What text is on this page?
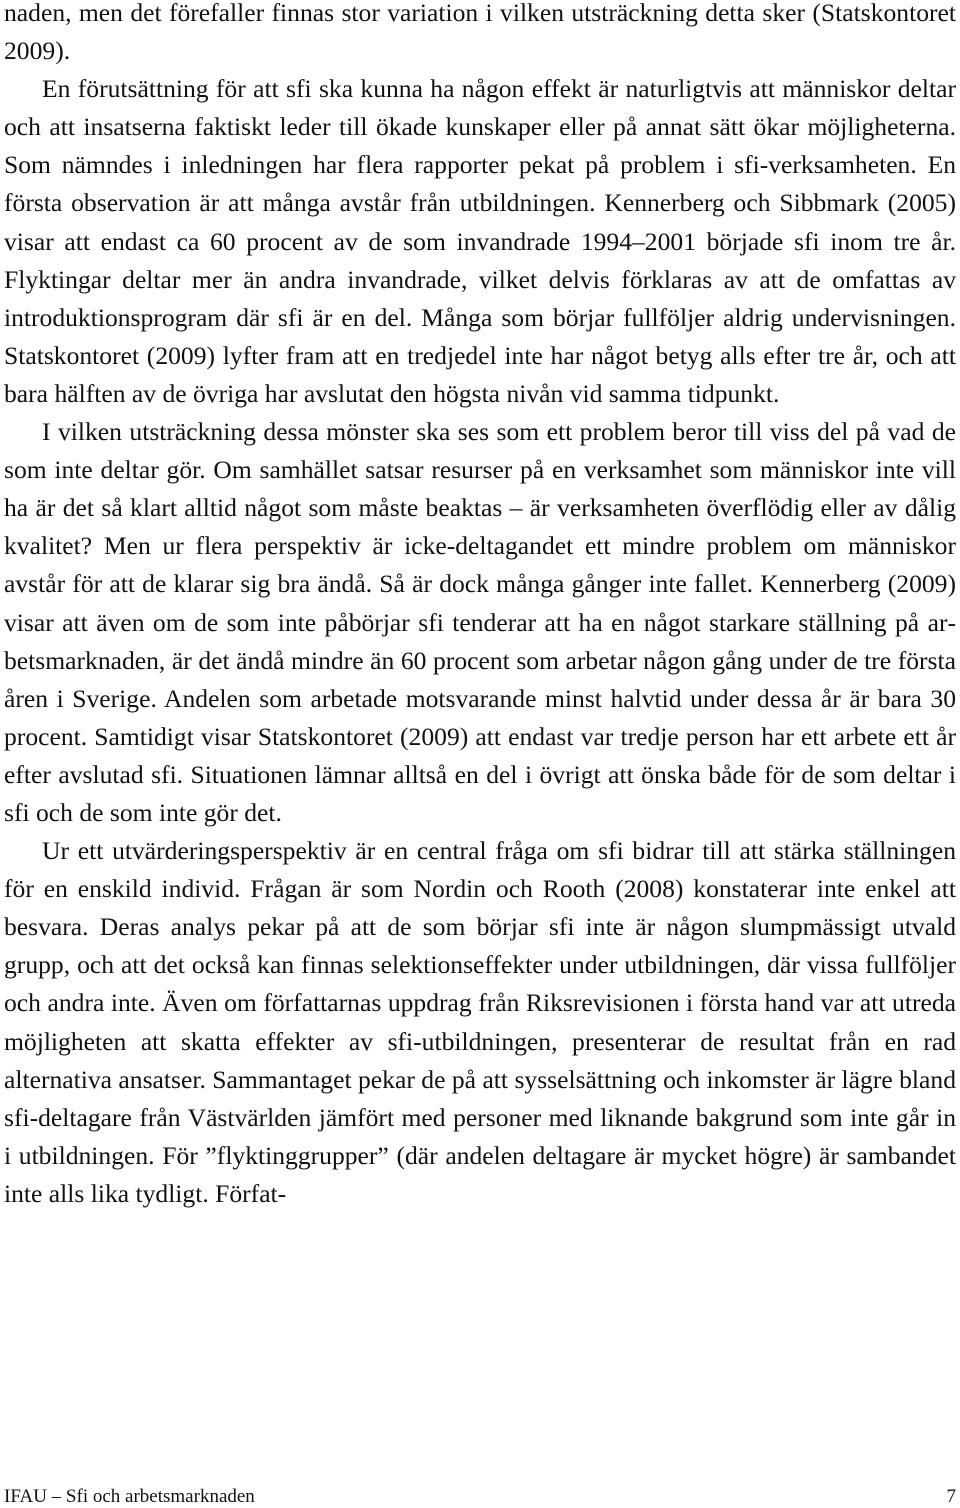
naden, men det förefaller finnas stor variation i vilken utsträckning detta sker (Statskontoret 2009).

En förutsättning för att sfi ska kunna ha någon effekt är naturligtvis att människor deltar och att insatserna faktiskt leder till ökade kunskaper eller på annat sätt ökar möjligheterna. Som nämndes i inledningen har flera rapporter pekat på problem i sfi-verksamheten. En första observation är att många avstår från utbildningen. Kennerberg och Sibbmark (2005) visar att endast ca 60 procent av de som invandrade 1994–2001 började sfi inom tre år. Flyktingar deltar mer än andra invandrade, vilket delvis förklaras av att de omfattas av introduktionsprogram där sfi är en del. Många som börjar fullföljer aldrig undervisningen. Statskontoret (2009) lyfter fram att en tredjedel inte har något betyg alls efter tre år, och att bara hälften av de övriga har avslutat den högsta nivån vid samma tidpunkt.

I vilken utsträckning dessa mönster ska ses som ett problem beror till viss del på vad de som inte deltar gör. Om samhället satsar resurser på en verksamhet som människor inte vill ha är det så klart alltid något som måste beaktas – är verksamheten överflödig eller av dålig kvalitet? Men ur flera perspektiv är icke-deltagandet ett mindre problem om människor avstår för att de klarar sig bra ändå. Så är dock många gånger inte fallet. Kennerberg (2009) visar att även om de som inte påbörjar sfi tenderar att ha en något starkare ställning på arbetsmarknaden, är det ändå mindre än 60 procent som arbetar någon gång under de tre första åren i Sverige. Andelen som arbetade motsvarande minst halvtid under dessa år är bara 30 procent. Samtidigt visar Statskontoret (2009) att endast var tredje person har ett arbete ett år efter avslutad sfi. Situationen lämnar alltså en del i övrigt att önska både för de som deltar i sfi och de som inte gör det.

Ur ett utvärderingsperspektiv är en central fråga om sfi bidrar till att stärka ställningen för en enskild individ. Frågan är som Nordin och Rooth (2008) konstaterar inte enkel att besvara. Deras analys pekar på att de som börjar sfi inte är någon slumpmässigt utvald grupp, och att det också kan finnas selektionseffekter under utbildningen, där vissa fullföljer och andra inte. Även om författarnas uppdrag från Riksrevisionen i första hand var att utreda möjligheten att skatta effekter av sfi-utbildningen, presenterar de resultat från en rad alternativa ansatser. Sammantaget pekar de på att sysselsättning och inkomster är lägre bland sfi-deltagare från Västvärlden jämfört med personer med liknande bakgrund som inte går in i utbildningen. För ”flyktinggrupper” (där andelen deltagare är mycket högre) är sambandet inte alls lika tydligt. Förfat-

IFAU – Sfi och arbetsmarknaden	7
